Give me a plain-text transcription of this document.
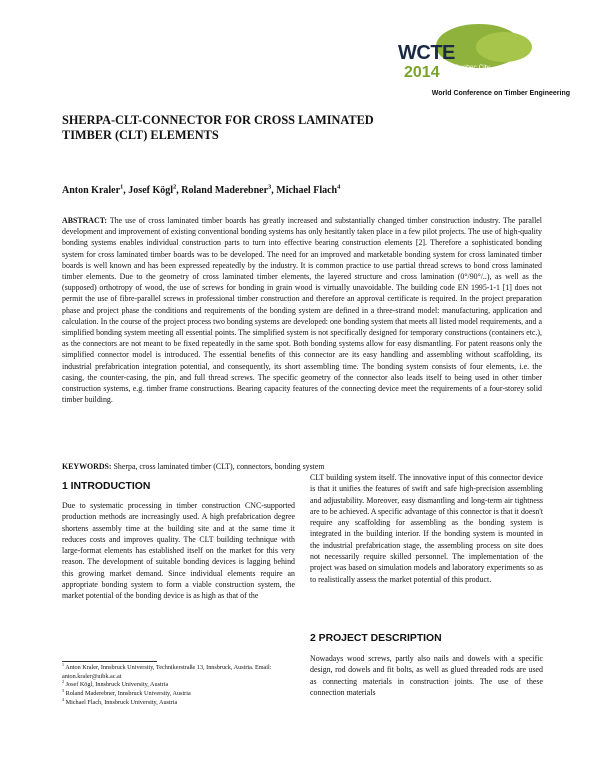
WCTE
2014 Quebec City
Canada
August 10-14
World Conference on Timber Engineering
SHERPA-CLT-CONNECTOR FOR CROSS LAMINATED
TIMBER (CLT) ELEMENTS
Anton Kraler$^1$, Josef Kögl$^2$, Roland Maderebner$^3$, Michael Flach$^4$
ABSTRACT: The use of cross laminated timber boards has greatly increased and substantially changed timber construction industry. The parallel development and improvement of existing conventional bonding systems has only hesitantly taken place in a few pilot projects. The use of high-quality bonding systems enables individual construction parts to turn into effective bearing construction elements [2]. Therefore a sophisticated bonding system for cross laminated timber boards was to be developed. The need for an improved and marketable bonding system for cross laminated timber boards is well known and has been expressed repeatedly by the industry. It is common practice to use partial thread screws to bond cross laminated timber elements. Due to the geometry of cross laminated timber elements, the layered structure and cross lamination (0°/90°/..), as well as the (supposed) orthotropy of wood, the use of screws for bonding in grain wood is virtually unavoidable. The building code EN 1995-1-1 [1] does not permit the use of fibre-parallel screws in professional timber construction and therefore an approval certificate is required. In the project preparation phase and project phase the conditions and requirements of the bonding system are defined in a three-strand model: manufacturing, application and calculation. In the course of the project process two bonding systems are developed: one bonding system that meets all listed model requirements, and a simplified bonding system meeting all essential points. The simplified system is not specifically designed for temporary constructions (containers etc.), as the connectors are not meant to be fixed repeatedly in the same spot. Both bonding systems allow for easy dismantling. For patent reasons only the simplified connector model is introduced. The essential benefits of this connector are its easy handling and assembling without scaffolding, its industrial prefabrication integration potential, and consequently, its short assembling time. The bonding system consists of four elements, i.e. the casing, the counter-casing, the pin, and full thread screws. The specific geometry of the connector also leads itself to being used in other timber construction systems, e.g. timber frame constructions. Bearing capacity features of the connecting device meet the requirements of a four-storey solid timber building.
KEYWORDS: Sherpa, cross laminated timber (CLT), connectors, bonding system
1 INTRODUCTION
Due to systematic processing in timber construction CNC-supported production methods are increasingly used. A high prefabrication degree shortens assembly time at the building site and at the same time it reduces costs and improves quality. The CLT building technique with large-format elements has established itself on the market for this very reason. The development of suitable bonding devices is lagging behind this growing market demand. Since individual elements require an appropriate bonding system to form a viable construction system, the market potential of the bonding device is as high as that of the
CLT building system itself. The innovative input of this connector device is that it unifies the features of swift and safe high-precision assembling and adjustability. Moreover, easy dismantling and long-term air tightness are to be achieved. A specific advantage of this connector is that it doesn't require any scaffolding for assembling as the bonding system is integrated in the building interior. If the bonding system is mounted in the industrial prefabrication stage, the assembling process on site does not necessarily require skilled personnel. The implementation of the project was based on simulation models and laboratory experiments so as to realistically assess the market potential of this product.
2 PROJECT DESCRIPTION
Nowadays wood screws, partly also nails and dowels with a specific design, rod dowels and fit bolts, as well as glued threaded rods are used as connecting materials in construction joints. The use of these connection materials
$^1$ Anton Kraler, Innsbruck University, Technikerstraße 13, Innsbruck, Austria. Email: anton.kraler@uibk.ac.at
$^2$ Josef Kögl, Innsbruck University, Austria
$^3$ Roland Maderebner, Innsbruck University, Austria
$^4$ Michael Flach, Innsbruck University, Austria
